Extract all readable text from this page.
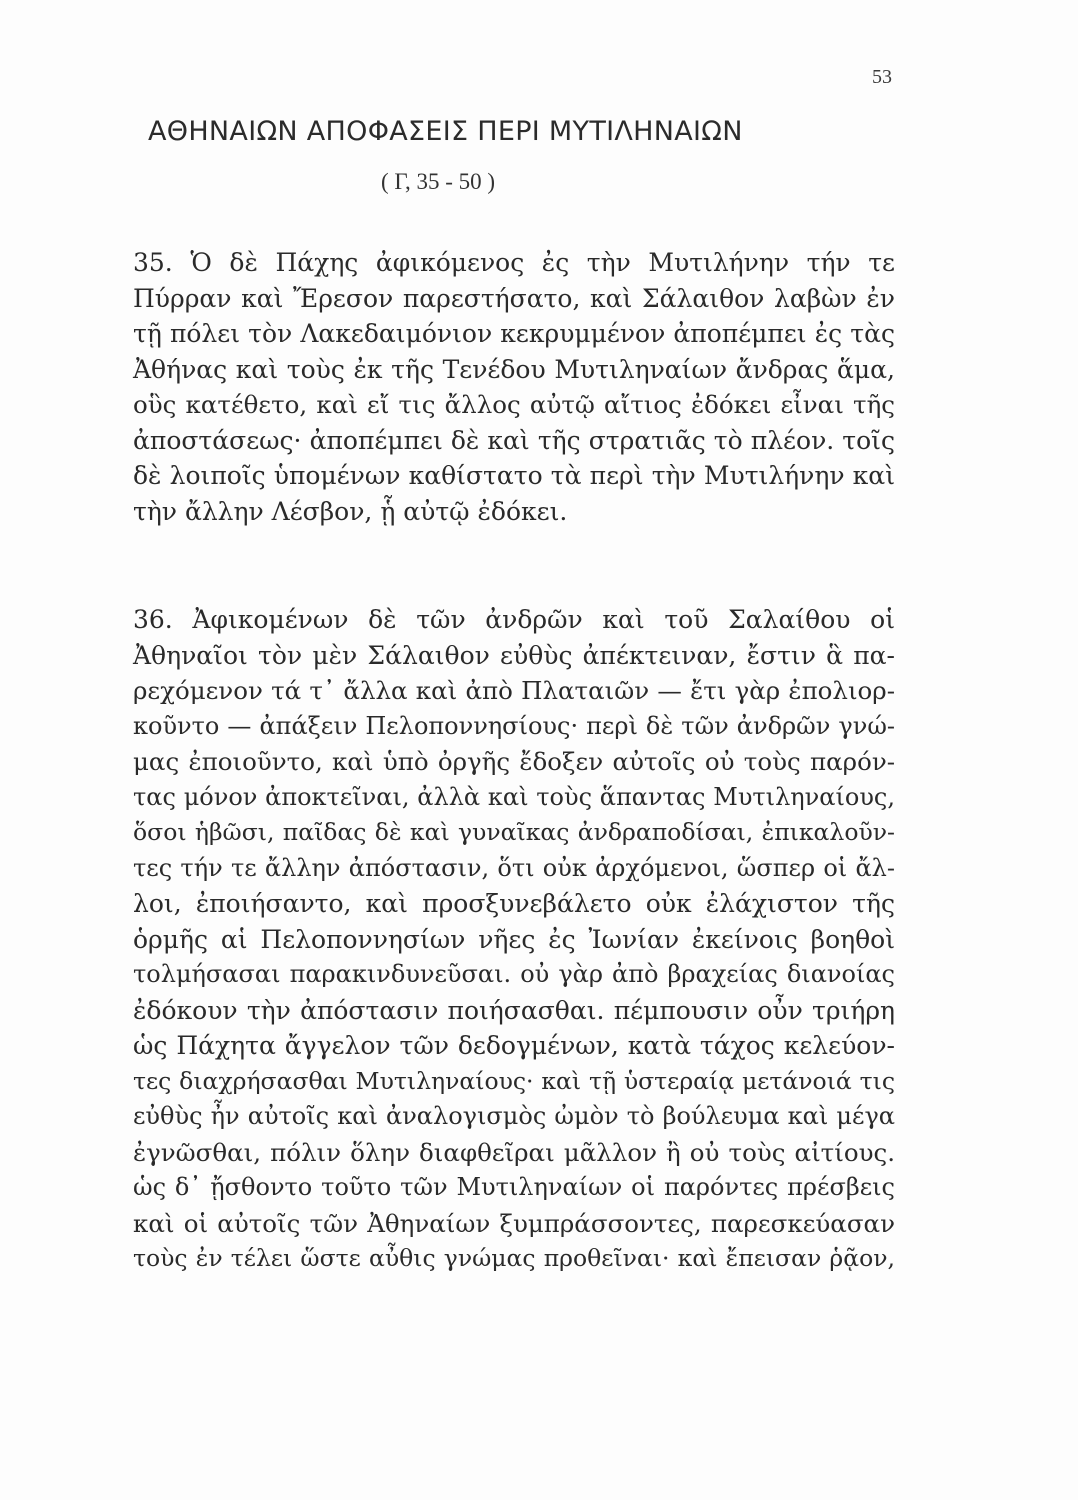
53
ΑΘΗΝΑΙΩΝ ΑΠΟΦΑΣΕΙΣ ΠΕΡΙ ΜΥΤΙΛΗΝΑΙΩΝ
( Γ, 35 - 50 )
35. Ὁ δὲ Πάχης ἀφικόμενος ἐς τὴν Μυτιλήνην τήν τε
Πύρραν καὶ Ἔρεσον παρεστήσατο, καὶ Σάλαιθον λαβὼν ἐν
τῇ πόλει τὸν Λακεδαιμόνιον κεκρυμμένον ἀποπέμπει ἐς τὰς
Ἀθήνας καὶ τοὺς ἐκ τῆς Τενέδου Μυτιληναίων ἄνδρας ἅμα,
οὓς κατέθετο, καὶ εἴ τις ἄλλος αὐτῷ αἴτιος ἐδόκει εἶναι τῆς
ἀποστάσεως· ἀποπέμπει δὲ καὶ τῆς στρατιᾶς τὸ πλέον. τοῖς
δὲ λοιποῖς ὑπομένων καθίστατο τὰ περὶ τὴν Μυτιλήνην καὶ
τὴν ἄλλην Λέσβον, ᾗ αὐτῷ ἐδόκει.
36. Ἀφικομένων δὲ τῶν ἀνδρῶν καὶ τοῦ Σαλαίθου οἱ
Ἀθηναῖοι τὸν μὲν Σάλαιθον εὐθὺς ἀπέκτειναν, ἔστιν ἃ πα-
ρεχόμενον τά τ᾽ ἄλλα καὶ ἀπὸ Πλαταιῶν — ἔτι γὰρ ἐπολιορ-
κοῦντο — ἀπάξειν Πελοποννησίους· περὶ δὲ τῶν ἀνδρῶν γνώ-
μας ἐποιοῦντο, καὶ ὑπὸ ὀργῆς ἔδοξεν αὐτοῖς οὐ τοὺς παρόν-
τας μόνον ἀποκτεῖναι, ἀλλὰ καὶ τοὺς ἅπαντας Μυτιληναίους,
ὅσοι ἡβῶσι, παῖδας δὲ καὶ γυναῖκας ἀνδραποδίσαι, ἐπικαλοῦν-
τες τήν τε ἄλλην ἀπόστασιν, ὅτι οὐκ ἀρχόμενοι, ὥσπερ οἱ ἄλ-
λοι, ἐποιήσαντο, καὶ προσξυνεβάλετο οὐκ ἐλάχιστον τῆς
ὁρμῆς αἱ Πελοποννησίων νῆες ἐς Ἰωνίαν ἐκείνοις βοηθοὶ
τολμήσασαι παρακινδυνεῦσαι. οὐ γὰρ ἀπὸ βραχείας διανοίας
ἐδόκουν τὴν ἀπόστασιν ποιήσασθαι. πέμπουσιν οὖν τριήρη
ὡς Πάχητα ἄγγελον τῶν δεδογμένων, κατὰ τάχος κελεύον-
τες διαχρήσασθαι Μυτιληναίους· καὶ τῇ ὑστεραίᾳ μετάνοιά τις
εὐθὺς ἦν αὐτοῖς καὶ ἀναλογισμὸς ὠμὸν τὸ βούλευμα καὶ μέγα
ἐγνῶσθαι, πόλιν ὅλην διαφθεῖραι μᾶλλον ἢ οὐ τοὺς αἰτίους.
ὡς δ᾽ ᾔσθοντο τοῦτο τῶν Μυτιληναίων οἱ παρόντες πρέσβεις
καὶ οἱ αὐτοῖς τῶν Ἀθηναίων ξυμπράσσοντες, παρεσκεύασαν
τοὺς ἐν τέλει ὥστε αὖθις γνώμας προθεῖναι· καὶ ἔπεισαν ῥᾷον,
